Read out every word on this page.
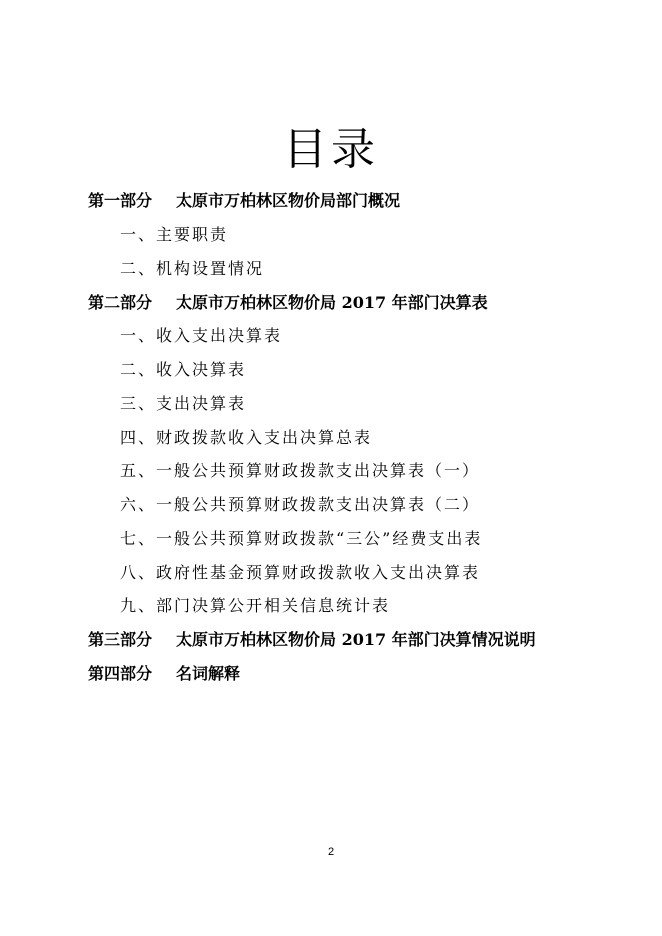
目录
第一部分 太原市万柏林区物价局部门概况
一、主要职责
二、机构设置情况
第二部分 太原市万柏林区物价局 2017 年部门决算表
一、收入支出决算表
二、收入决算表
三、支出决算表
四、财政拨款收入支出决算总表
五、一般公共预算财政拨款支出决算表（一）
六、一般公共预算财政拨款支出决算表（二）
七、一般公共预算财政拨款“三公”经费支出表
八、政府性基金预算财政拨款收入支出决算表
九、部门决算公开相关信息统计表
第三部分 太原市万柏林区物价局 2017 年部门决算情况说明
第四部分 名词解释
2
